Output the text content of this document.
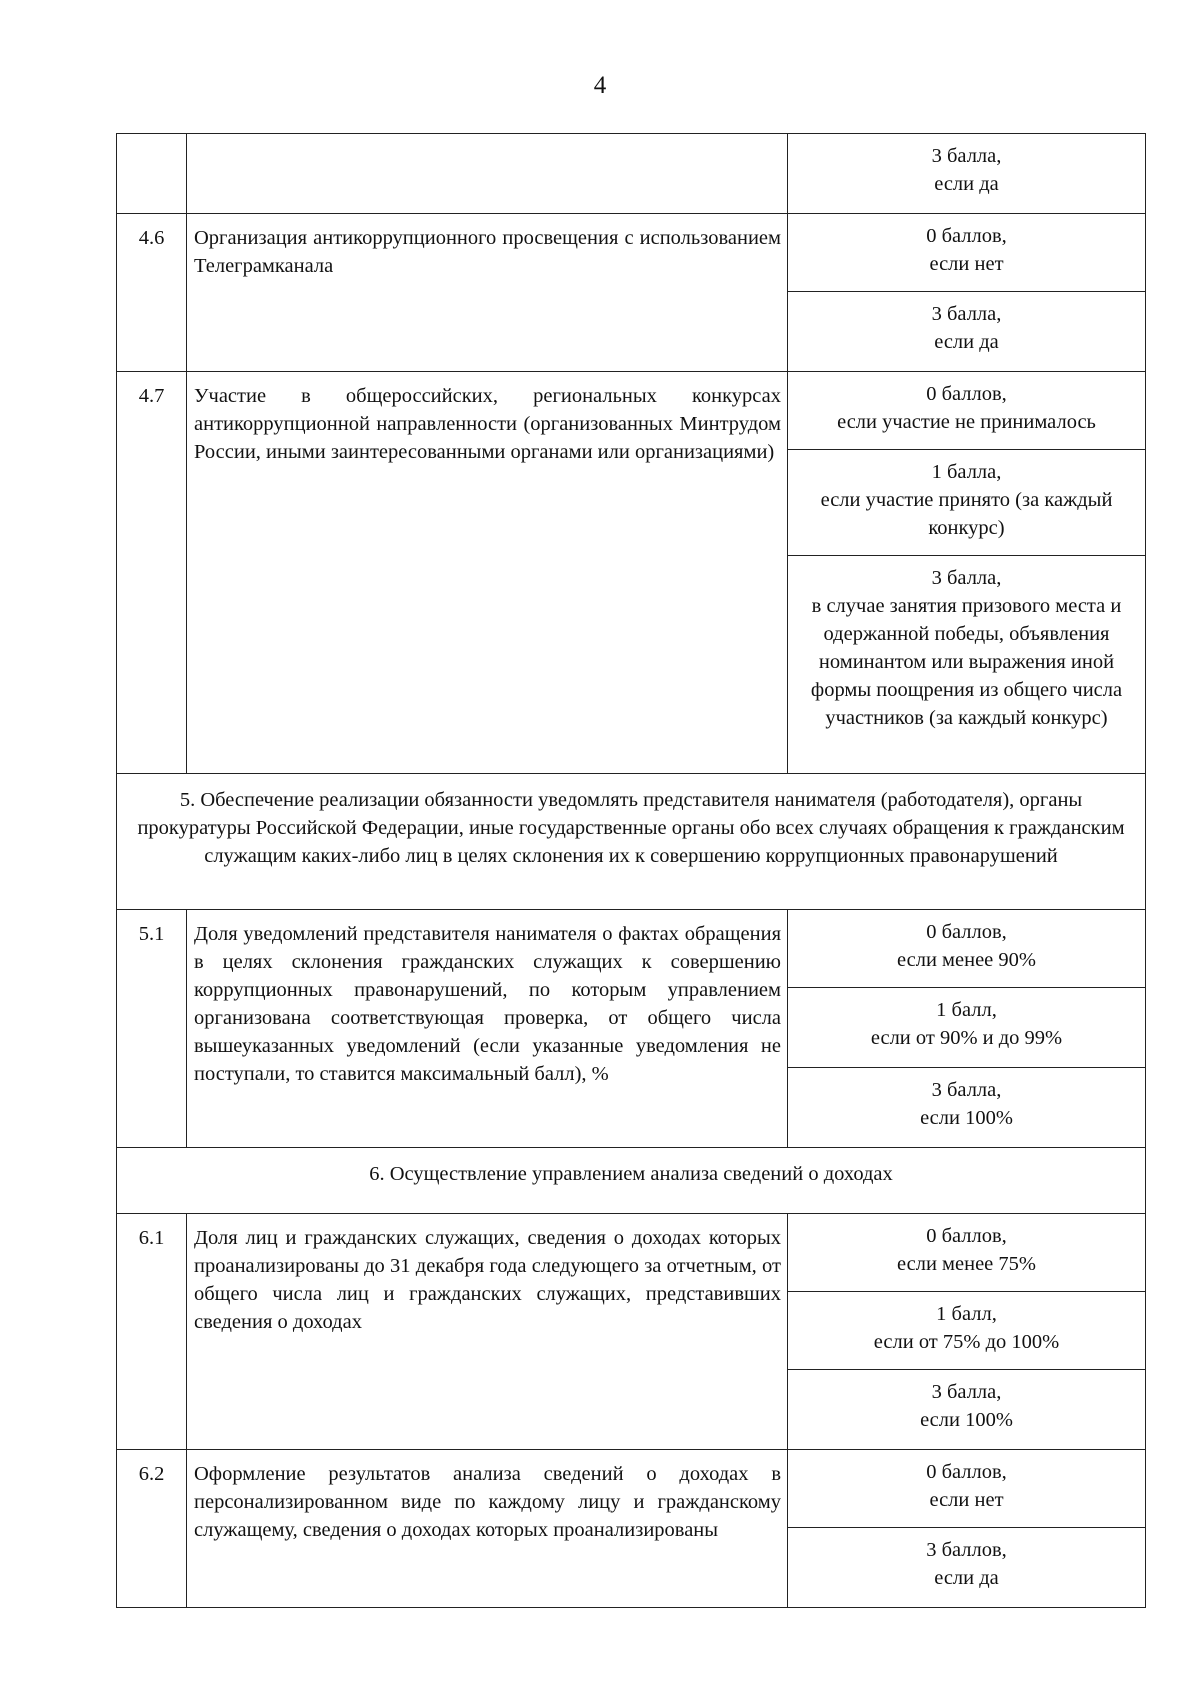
4

		3 балла,
если да

4.6	Организация антикоррупционного просвещения с использованием Телеграмканала	0 баллов,
если нет

		3 балла,
если да

4.7	Участие в общероссийских, региональных конкурсах антикоррупционной направленности (организованных Минтрудом России, иными заинтересованными органами или организациями)	0 баллов,
если участие не принималось

		1 балла,
если участие принято (за каждый конкурс)

		3 балла,
в случае занятия призового места и одержанной победы, объявления номинантом или выражения иной формы поощрения из общего числа участников (за каждый конкурс)

5. Обеспечение реализации обязанности уведомлять представителя нанимателя (работодателя), органы прокуратуры Российской Федерации, иные государственные органы обо всех случаях обращения к гражданским служащим каких-либо лиц в целях склонения их к совершению коррупционных правонарушений		
5.1	Доля уведомлений представителя нанимателя о фактах обращения в целях склонения гражданских служащих к совершению коррупционных правонарушений, по которым управлением организована соответствующая проверка, от общего числа вышеуказанных уведомлений (если указанные уведомления не поступали, то ставится максимальный балл), %	0 баллов,
если менее 90%

		1 балл,
если от 90% и до 99%

		3 балла,
если 100%

6. Осуществление управлением анализа сведений о доходах		
6.1	Доля лиц и гражданских служащих, сведения о доходах которых проанализированы до 31 декабря года следующего за отчетным, от общего числа лиц и гражданских служащих, представивших сведения о доходах	0 баллов,
если менее 75%

		1 балл,
если от 75% до 100%

		3 балла,
если 100%

6.2	Оформление результатов анализа сведений о доходах в персонализированном виде по каждому лицу и гражданскому служащему, сведения о доходах которых проанализированы	0 баллов,
если нет

		3 баллов,
если да
